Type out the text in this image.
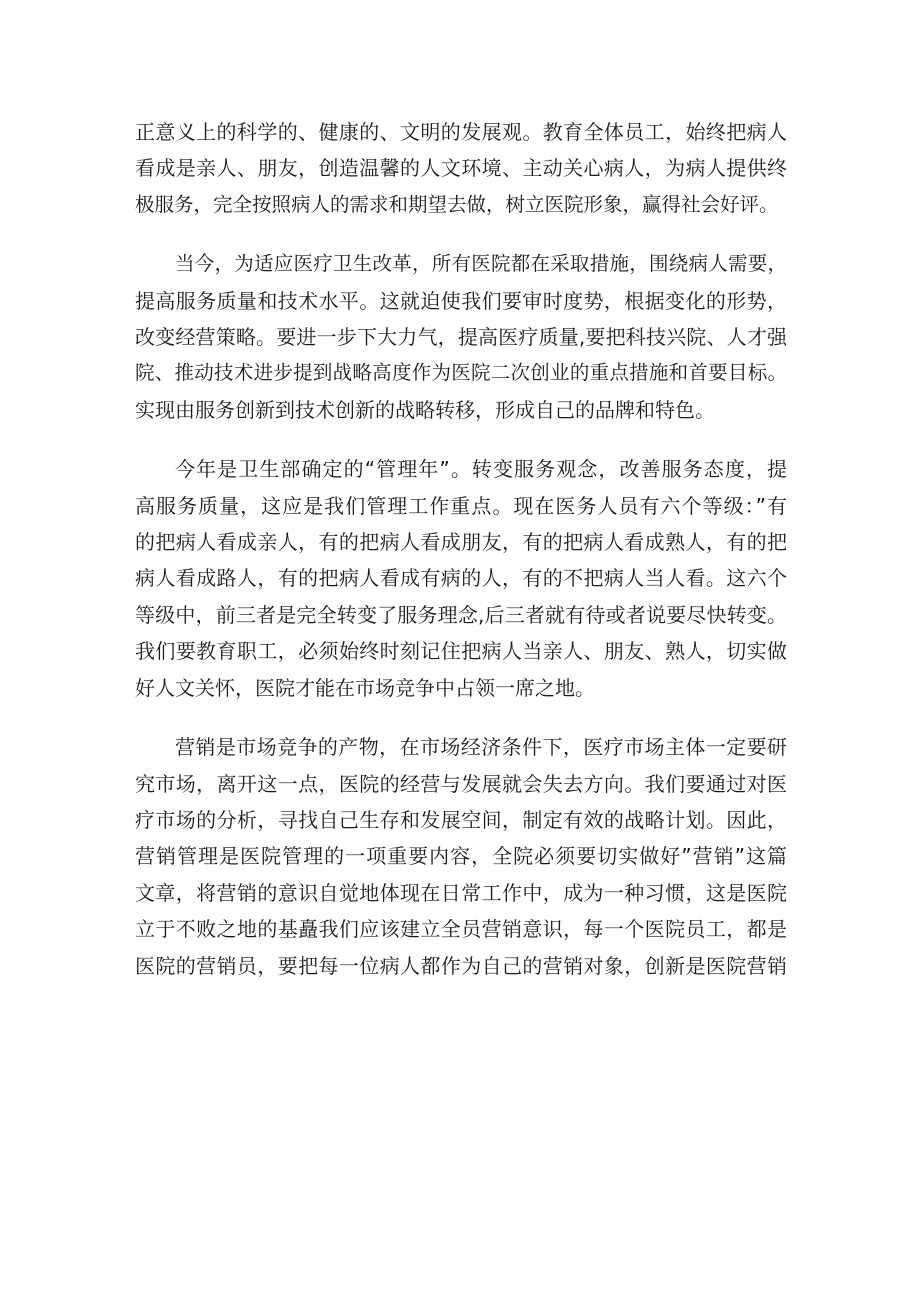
正意义上的科学的、健康的、文明的发展观。教育全体员工，始终把病人
看成是亲人、朋友，创造温馨的人文环境、主动关心病人，为病人提供终
极服务，完全按照病人的需求和期望去做，树立医院形象，赢得社会好评。

当今，为适应医疗卫生改革，所有医院都在采取措施，围绕病人需要，
提高服务质量和技术水平。这就迫使我们要审时度势，根据变化的形势，
改变经营策略。要进一步下大力气，提高医疗质量,要把科技兴院、人才强
院、推动技术进步提到战略高度作为医院二次创业的重点措施和首要目标。
实现由服务创新到技术创新的战略转移，形成自己的品牌和特色。

今年是卫生部确定的“管理年”。转变服务观念，改善服务态度，提
高服务质量，这应是我们管理工作重点。现在医务人员有六个等级：”有
的把病人看成亲人，有的把病人看成朋友，有的把病人看成熟人，有的把
病人看成路人，有的把病人看成有病的人，有的不把病人当人看。这六个
等级中，前三者是完全转变了服务理念,后三者就有待或者说要尽快转变。
我们要教育职工，必须始终时刻记住把病人当亲人、朋友、熟人，切实做
好人文关怀，医院才能在市场竞争中占领一席之地。

营销是市场竞争的产物，在市场经济条件下，医疗市场主体一定要研
究市场，离开这一点，医院的经营与发展就会失去方向。我们要通过对医
疗市场的分析，寻找自己生存和发展空间，制定有效的战略计划。因此，
营销管理是医院管理的一项重要内容，全院必须要切实做好”营销”这篇
文章，将营销的意识自觉地体现在日常工作中，成为一种习惯，这是医院
立于不败之地的基矗我们应该建立全员营销意识，每一个医院员工，都是
医院的营销员，要把每一位病人都作为自己的营销对象，创新是医院营销
